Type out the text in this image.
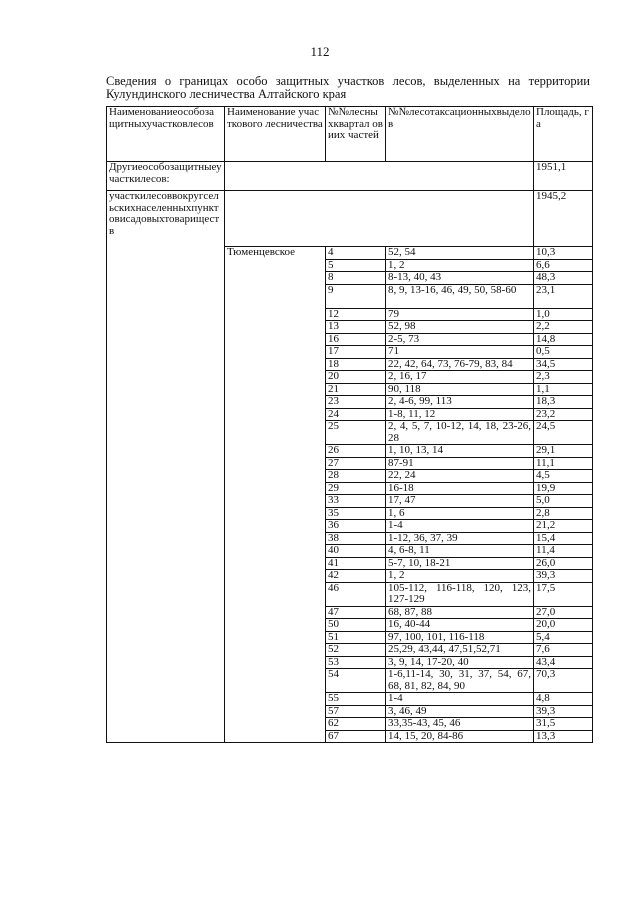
112
Сведения о границах особо защитных участков лесов, выделенных на территории Кулундинского лесничества Алтайского края
Наименованиеособозащитныхучастковлесов	Наименование участкового лесничества	№№лесныхквартал овиих частей	№№лесотаксационныхвыделов	Площадь, га
Другиеособозащитныеучасткилесов:				1951,1
участкилесоввокругсельскихнаселенныхпунктовисадовыхтовариществ				1945,2
	Тюменцевское	4	52, 54	10,3
		5	1, 2	6,6
		8	8-13, 40, 43	48,3
		9	8, 9, 13-16, 46, 49, 50, 58-60	23,1
		12	79	1,0
		13	52, 98	2,2
		16	2-5, 73	14,8
		17	71	0,5
		18	22, 42, 64, 73, 76-79, 83, 84	34,5
		20	2, 16, 17	2,3
		21	90, 118	1,1
		23	2, 4-6, 99, 113	18,3
		24	1-8, 11, 12	23,2
		25	2, 4, 5, 7, 10-12, 14, 18, 23-26, 28	24,5
		26	1, 10, 13, 14	29,1
		27	87-91	11,1
		28	22, 24	4,5
		29	16-18	19,9
		33	17, 47	5,0
		35	1, 6	2,8
		36	1-4	21,2
		38	1-12, 36, 37, 39	15,4
		40	4, 6-8, 11	11,4
		41	5-7, 10, 18-21	26,0
		42	1, 2	39,3
		46	105-112, 116-118, 120, 123, 127-129	17,5
		47	68, 87, 88	27,0
		50	16, 40-44	20,0
		51	97, 100, 101, 116-118	5,4
		52	25,29, 43,44, 47,51,52,71	7,6
		53	3, 9, 14, 17-20, 40	43,4
		54	1-6,11-14, 30, 31, 37, 54, 67, 68, 81, 82, 84, 90	70,3
		55	1-4	4,8
		57	3, 46, 49	39,3
		62	33,35-43, 45, 46	31,5
		67	14, 15, 20, 84-86	13,3
